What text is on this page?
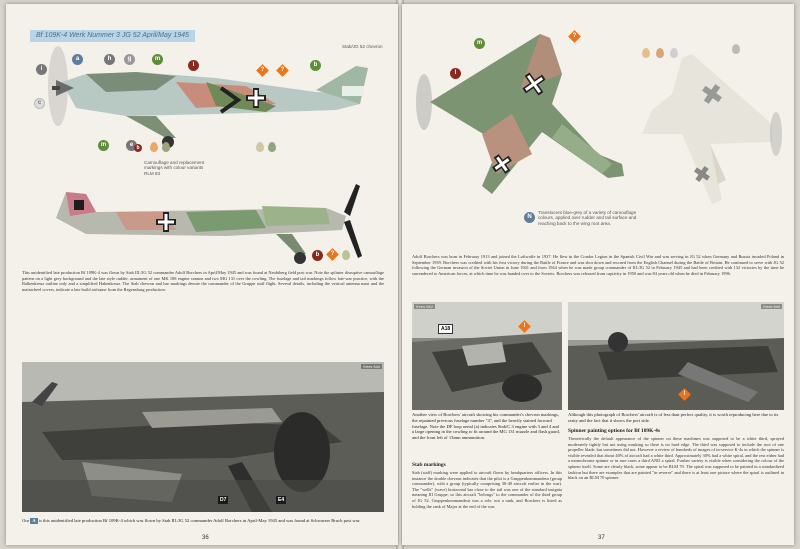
Bf 109K-4 Werk Nummer 3 JG 52 April/May 1945
i
c
a	h	g	m
l
?	?
b
m	e b
b	?
Stab/JG 52 chevron
Camouflage and replacement markings with colour variants RLM 83
This unidentified late production Bf 109K-4 was flown by Stab III./JG 52 commander Adolf Borchers in April/May 1945 and was found at Neubiberg field post war. Note the splinter disruptive camouflage pattern on a light grey background and the late style rudder, armament of one MK 108 engine cannon and two MG 131 over the cowling. The fuselage and tail markings follow late-war practice, with the Balkenkreuz outline only and a simplified Hakenkreuz. The Stab chevron and bar markings denote the commander of the Gruppe staff flight. Several details, including the vertical antenna mast and the mainwheel covers, indicate a late build airframe from the Regensburg production.
Kees Mol
D7	E4
Our A is this unidentified late production Bf 109K-4 which was flown by Stab III./JG 52 commander Adolf Borchers in April-May 1945 and was found at Schwarzer Bruch post war.
36
m
l
?
N
Translucent blue-grey of a variety of camouflage colours, applied over rudder and tail surface and reaching back to the wing root area.
Adolf Borchers was born in February 1913 and joined the Luftwaffe in 1937. He flew in the Condor Legion in the Spanish Civil War and was serving in JG 52 when Germany and Russia invaded Poland in September 1939. Borchers was credited with his first victory during the Battle of France and was shot down and rescued from the English Channel during the Battle of Britain. He continued to serve with JG 52 following the German invasion of the Soviet Union in June 1941 and from 1944 when he was made group commander of III./JG 52 in February 1945 and had been credited with 132 victories by the time he surrendered to American forces, at which time he was handed over to the Soviets. Borchers was released from captivity in 1950 and was 84 years old when he died in February 1996.
Kees Mol
A18	!
Kees Mol
!
Another view of Borchers' aircraft showing his commander's chevron markings, the repainted previous fuselage number "4", and the heavily stained forward fuselage. Note the DF loop aerial (a) indicates Stab/C.3 engine with 3 and 4 and a large opening in the cowling to fit around the MG 131 muzzle and flash guard, and the front left of 13mm ammunition.
Although this photograph of Borchers' aircraft is of less than perfect quality, it is worth reproducing here due to its rarity and the fact that it shows the port side.
Stab markings
Stab (staff) marking were applied to aircraft flown by headquarters officers. In this instance the double chevron indicates that the pilot is a Gruppenkommandeur (group commander), with a group (typically comprising 30-40 aircraft earlier in the war). The "wells" (wave) horizontal bar close to the tail was one of the standard insignia meaning III Gruppe, so this aircraft "belongs" to the commander of the third group of JG 52. Gruppenkommandeur was a role, not a rank, and Borchers is listed as holding the rank of Major at the end of the war.
Spinner painting options for Bf 109K-4s
Theoretically the default appearance of the spinner on these machines was supposed to be a white third, sprayed moderately tightly but not using masking so there is no hard edge. The third was supposed to include the root of one propeller blade, but sometimes did not. However a review of hundreds of images of in-service K-4s in which the spinner is visible revealed that about 40% of aircraft had a white third. Approximately 30% had a white spiral, and the rest either had a monochrome spinner or in rare cases a third AND a spiral. Further variety is visible when considering the colour of the spinner itself. Some are clearly black, some appear to be RLM 70. The spiral was supposed to be painted in a standardized fashion but there are examples that are painted "in reverse" and there is at least one picture where the spiral is outlined in black on an RLM 70 spinner.
37
